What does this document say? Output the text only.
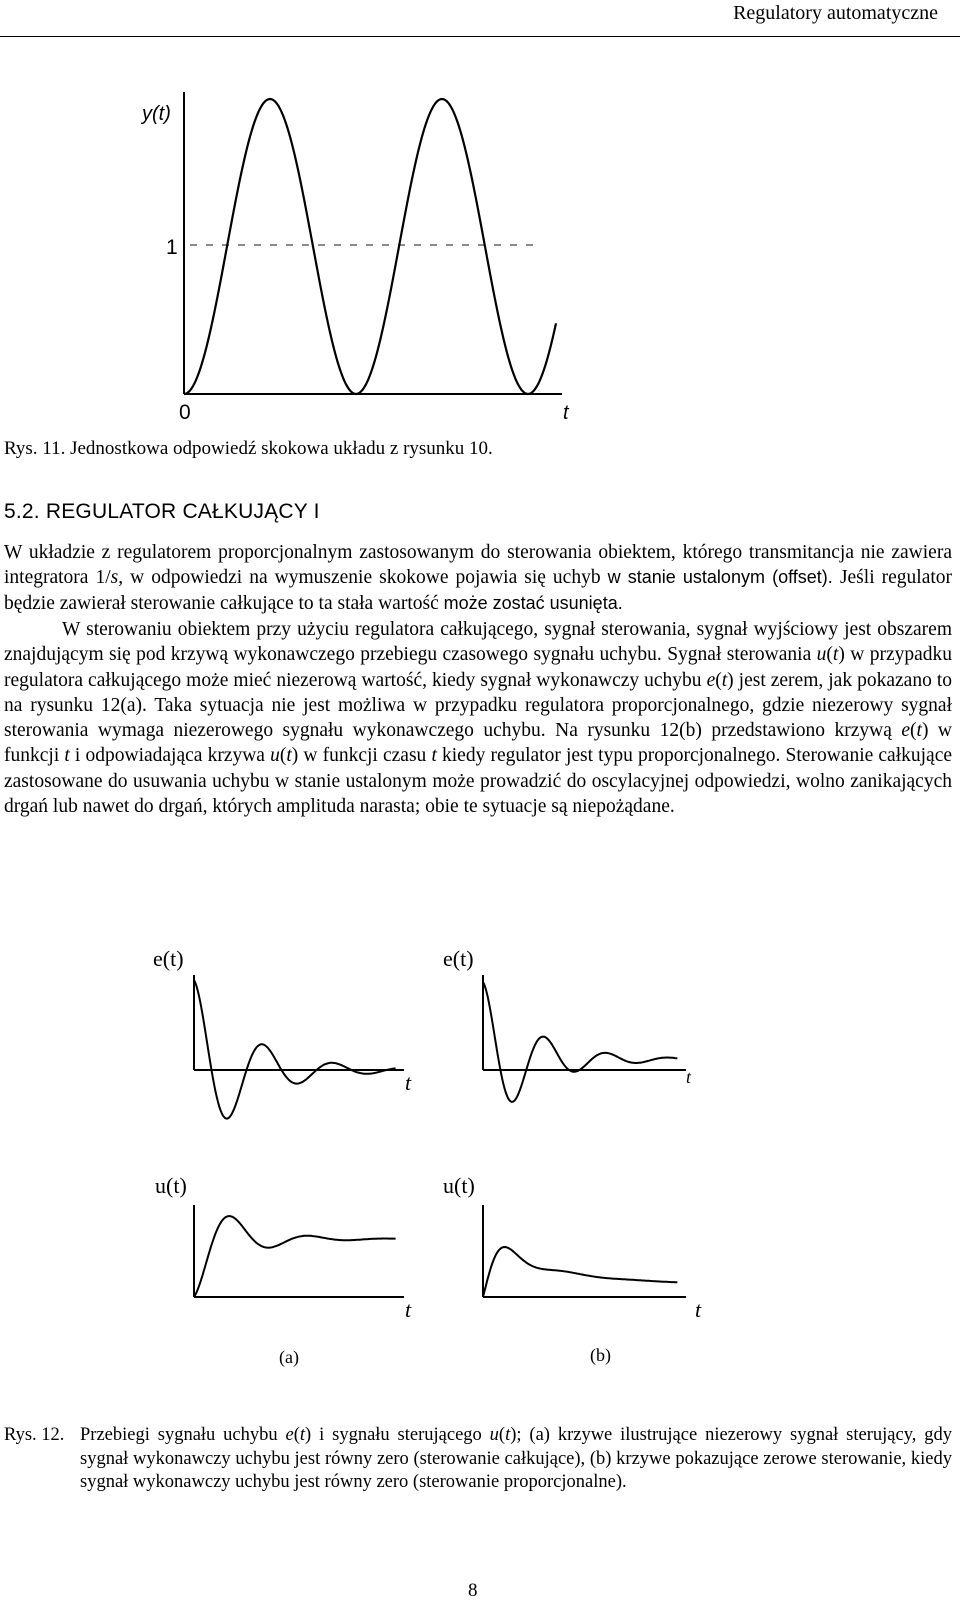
Regulatory automatyczne
y(t)
1
0	t
Rys. 11. Jednostkowa odpowiedź skokowa układu z rysunku 10.
5.2. REGULATOR CAŁKUJĄCY I

W układzie z regulatorem proporcjonalnym zastosowanym do sterowania obiektem, którego transmitancja nie zawiera integratora 1/s, w odpowiedzi na wymuszenie skokowe pojawia się uchyb w stanie ustalonym (offset). Jeśli regulator będzie zawierał sterowanie całkujące to ta stała wartość może zostać usunięta.

W sterowaniu obiektem przy użyciu regulatora całkującego, sygnał sterowania, sygnał wyjściowy jest obszarem znajdującym się pod krzywą wykonawczego przebiegu czasowego sygnału uchybu. Sygnał sterowania u(t) w przypadku regulatora całkującego może mieć niezerową wartość, kiedy sygnał wykonawczy uchybu e(t) jest zerem, jak pokazano to na rysunku 12(a). Taka sytuacja nie jest możliwa w przypadku regulatora proporcjonalnego, gdzie niezerowy sygnał sterowania wymaga niezerowego sygnału wykonawczego uchybu. Na rysunku 12(b) przedstawiono krzywą e(t) w funkcji t i odpowiadająca krzywa u(t) w funkcji czasu t kiedy regulator jest typu proporcjonalnego. Sterowanie całkujące zastosowane do usuwania uchybu w stanie ustalonym może prowadzić do oscylacyjnej odpowiedzi, wolno zanikających drgań lub nawet do drgań, których amplituda narasta; obie te sytuacje są niepożądane.

e(t)	e(t)
t	t
u(t)	u(t)
t	t
(a)	(b)
Rys. 12. Przebiegi sygnału uchybu e(t) i sygnału sterującego u(t); (a) krzywe ilustrujące niezerowy sygnał sterujący, gdy sygnał wykonawczy uchybu jest równy zero (sterowanie całkujące), (b) krzywe pokazujące zerowe sterowanie, kiedy sygnał wykonawczy uchybu jest równy zero (sterowanie proporcjonalne).
8
